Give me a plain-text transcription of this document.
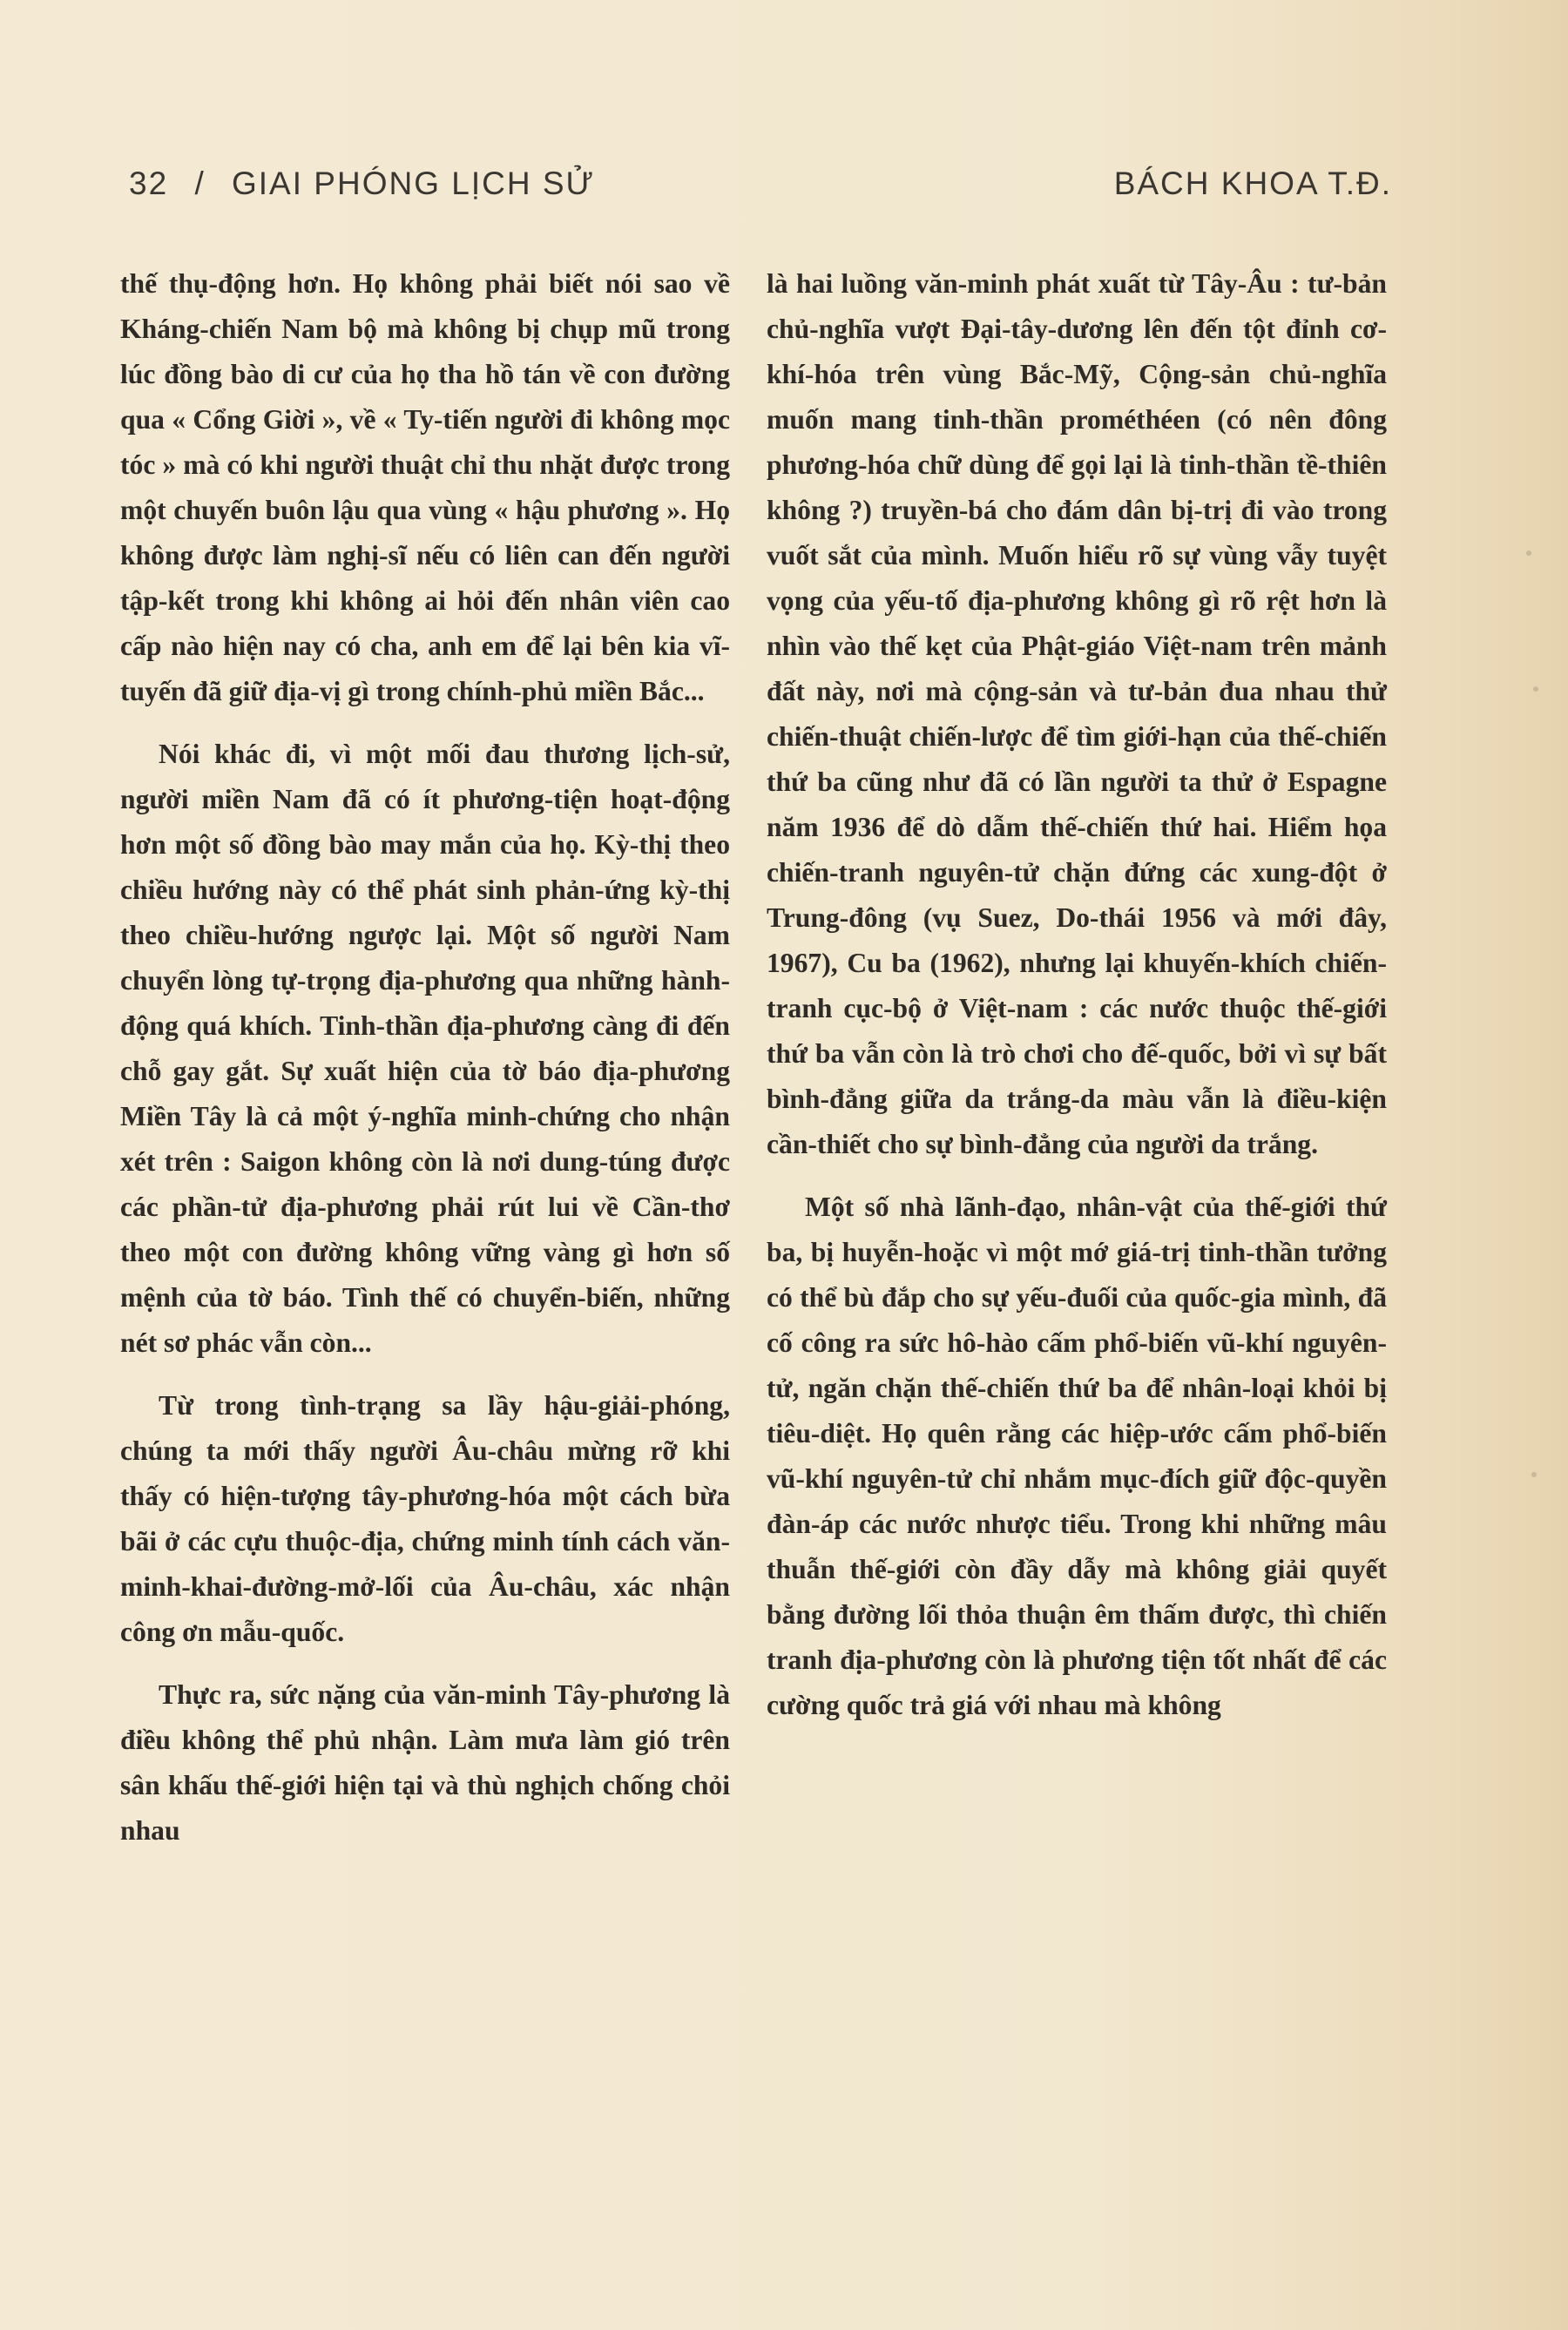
32 / GIAI PHÓNG LỊCH SỬ	BÁCH KHOA T.Đ.

thế thụ-động hơn. Họ không phải biết nói sao về Kháng-chiến Nam bộ mà không bị chụp mũ trong lúc đồng bào di cư của họ tha hồ tán về con đường qua « Cổng Giời », về « Ty-tiến người đi không mọc tóc » mà có khi người thuật chỉ thu nhặt được trong một chuyến buôn lậu qua vùng « hậu phương ». Họ không được làm nghị-sĩ nếu có liên can đến người tập-kết trong khi không ai hỏi đến nhân viên cao cấp nào hiện nay có cha, anh em để lại bên kia vĩ-tuyến đã giữ địa-vị gì trong chính-phủ miền Bắc...

Nói khác đi, vì một mối đau thương lịch-sử, người miền Nam đã có ít phương-tiện hoạt-động hơn một số đồng bào may mắn của họ. Kỳ-thị theo chiều hướng này có thể phát sinh phản-ứng kỳ-thị theo chiều-hướng ngược lại. Một số người Nam chuyển lòng tự-trọng địa-phương qua những hành-động quá khích. Tinh-thần địa-phương càng đi đến chỗ gay gắt. Sự xuất hiện của tờ báo địa-phương Miền Tây là cả một ý-nghĩa minh-chứng cho nhận xét trên : Saigon không còn là nơi dung-túng được các phần-tử địa-phương phải rút lui về Cần-thơ theo một con đường không vững vàng gì hơn số mệnh của tờ báo. Tình thế có chuyển-biến, những nét sơ phác vẫn còn...

Từ trong tình-trạng sa lầy hậu-giải-phóng, chúng ta mới thấy người Âu-châu mừng rỡ khi thấy có hiện-tượng tây-phương-hóa một cách bừa bãi ở các cựu thuộc-địa, chứng minh tính cách văn-minh-khai-đường-mở-lối của Âu-châu, xác nhận công ơn mẫu-quốc.

Thực ra, sức nặng của văn-minh Tây-phương là điều không thể phủ nhận. Làm mưa làm gió trên sân khấu thế-giới hiện tại và thù nghịch chống chỏi nhau

là hai luồng văn-minh phát xuất từ Tây-Âu : tư-bản chủ-nghĩa vượt Đại-tây-dương lên đến tột đỉnh cơ-khí-hóa trên vùng Bắc-Mỹ, Cộng-sản chủ-nghĩa muốn mang tinh-thần prométhéen (có nên đông phương-hóa chữ dùng để gọi lại là tinh-thần tề-thiên không ?) truyền-bá cho đám dân bị-trị đi vào trong vuốt sắt của mình. Muốn hiểu rõ sự vùng vẫy tuyệt vọng của yếu-tố địa-phương không gì rõ rệt hơn là nhìn vào thế kẹt của Phật-giáo Việt-nam trên mảnh đất này, nơi mà cộng-sản và tư-bản đua nhau thử chiến-thuật chiến-lược để tìm giới-hạn của thế-chiến thứ ba cũng như đã có lần người ta thử ở Espagne năm 1936 để dò dẫm thế-chiến thứ hai. Hiểm họa chiến-tranh nguyên-tử chặn đứng các xung-đột ở Trung-đông (vụ Suez, Do-thái 1956 và mới đây, 1967), Cu ba (1962), nhưng lại khuyến-khích chiến-tranh cục-bộ ở Việt-nam : các nước thuộc thế-giới thứ ba vẫn còn là trò chơi cho đế-quốc, bởi vì sự bất bình-đẳng giữa da trắng-da màu vẫn là điều-kiện cần-thiết cho sự bình-đẳng của người da trắng.

Một số nhà lãnh-đạo, nhân-vật của thế-giới thứ ba, bị huyễn-hoặc vì một mớ giá-trị tinh-thần tưởng có thể bù đắp cho sự yếu-đuối của quốc-gia mình, đã cố công ra sức hô-hào cấm phổ-biến vũ-khí nguyên-tử, ngăn chặn thế-chiến thứ ba để nhân-loại khỏi bị tiêu-diệt. Họ quên rằng các hiệp-ước cấm phổ-biến vũ-khí nguyên-tử chỉ nhắm mục-đích giữ độc-quyền đàn-áp các nước nhược tiểu. Trong khi những mâu thuẫn thế-giới còn đầy dẫy mà không giải quyết bằng đường lối thỏa thuận êm thấm được, thì chiến tranh địa-phương còn là phương tiện tốt nhất để các cường quốc trả giá với nhau mà không
